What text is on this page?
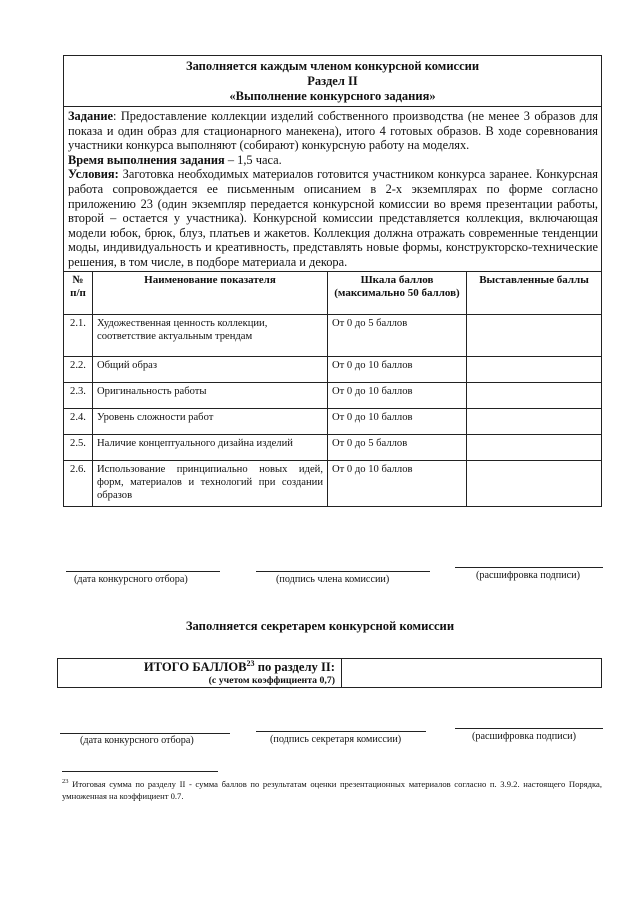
Заполняется каждым членом конкурсной комиссии
Раздел II
«Выполнение конкурсного задания»

Задание: Предоставление коллекции изделий собственного производства (не менее 3 образов для показа и один образ для стационарного манекена), итого 4 готовых образов. В ходе соревнования участники конкурса выполняют (собирают) конкурсную работу на моделях.

Время выполнения задания – 1,5 часа.

Условия: Заготовка необходимых материалов готовится участником конкурса заранее. Конкурсная работа сопровождается ее письменным описанием в 2-х экземплярах по форме согласно приложению 23 (один экземпляр передается конкурсной комиссии во время презентации работы, второй – остается у участника). Конкурсной комиссии представляется коллекция, включающая модели юбок, брюк, блуз, платьев и жакетов. Коллекция должна отражать современные тенденции моды, индивидуальность и креативность, представлять новые формы, конструкторско-технические решения, в том числе, в подборе материала и декора.

№ п/п	Наименование показателя	Шкала баллов (максимально 50 баллов)	Выставленные баллы
2.1.	Художественная ценность коллекции, соответствие актуальным трендам	От 0 до 5 баллов	
2.2.	Общий образ	От 0 до 10 баллов	
2.3.	Оригинальность работы	От 0 до 10 баллов	
2.4.	Уровень сложности работ	От 0 до 10 баллов	
2.5.	Наличие концептуального дизайна изделий	От 0 до 5 баллов	
2.6.	Использование принципиально новых идей, форм, материалов и технологий при создании образов	От 0 до 10 баллов	
(дата конкурсного отбора)	(подпись члена комиссии)	(расшифровка подписи)
Заполняется секретарем конкурсной комиссии
ИТОГО БАЛЛОВ$^{23}$ по разделу II:
(с учетом коэффициента 0,7)
(дата конкурсного отбора)	(подпись секретаря комиссии)	(расшифровка подписи)
$^{23}$ Итоговая сумма по разделу II - сумма баллов по результатам оценки презентационных материалов согласно п. 3.9.2. настоящего Порядка, умноженная на коэффициент 0.7.
